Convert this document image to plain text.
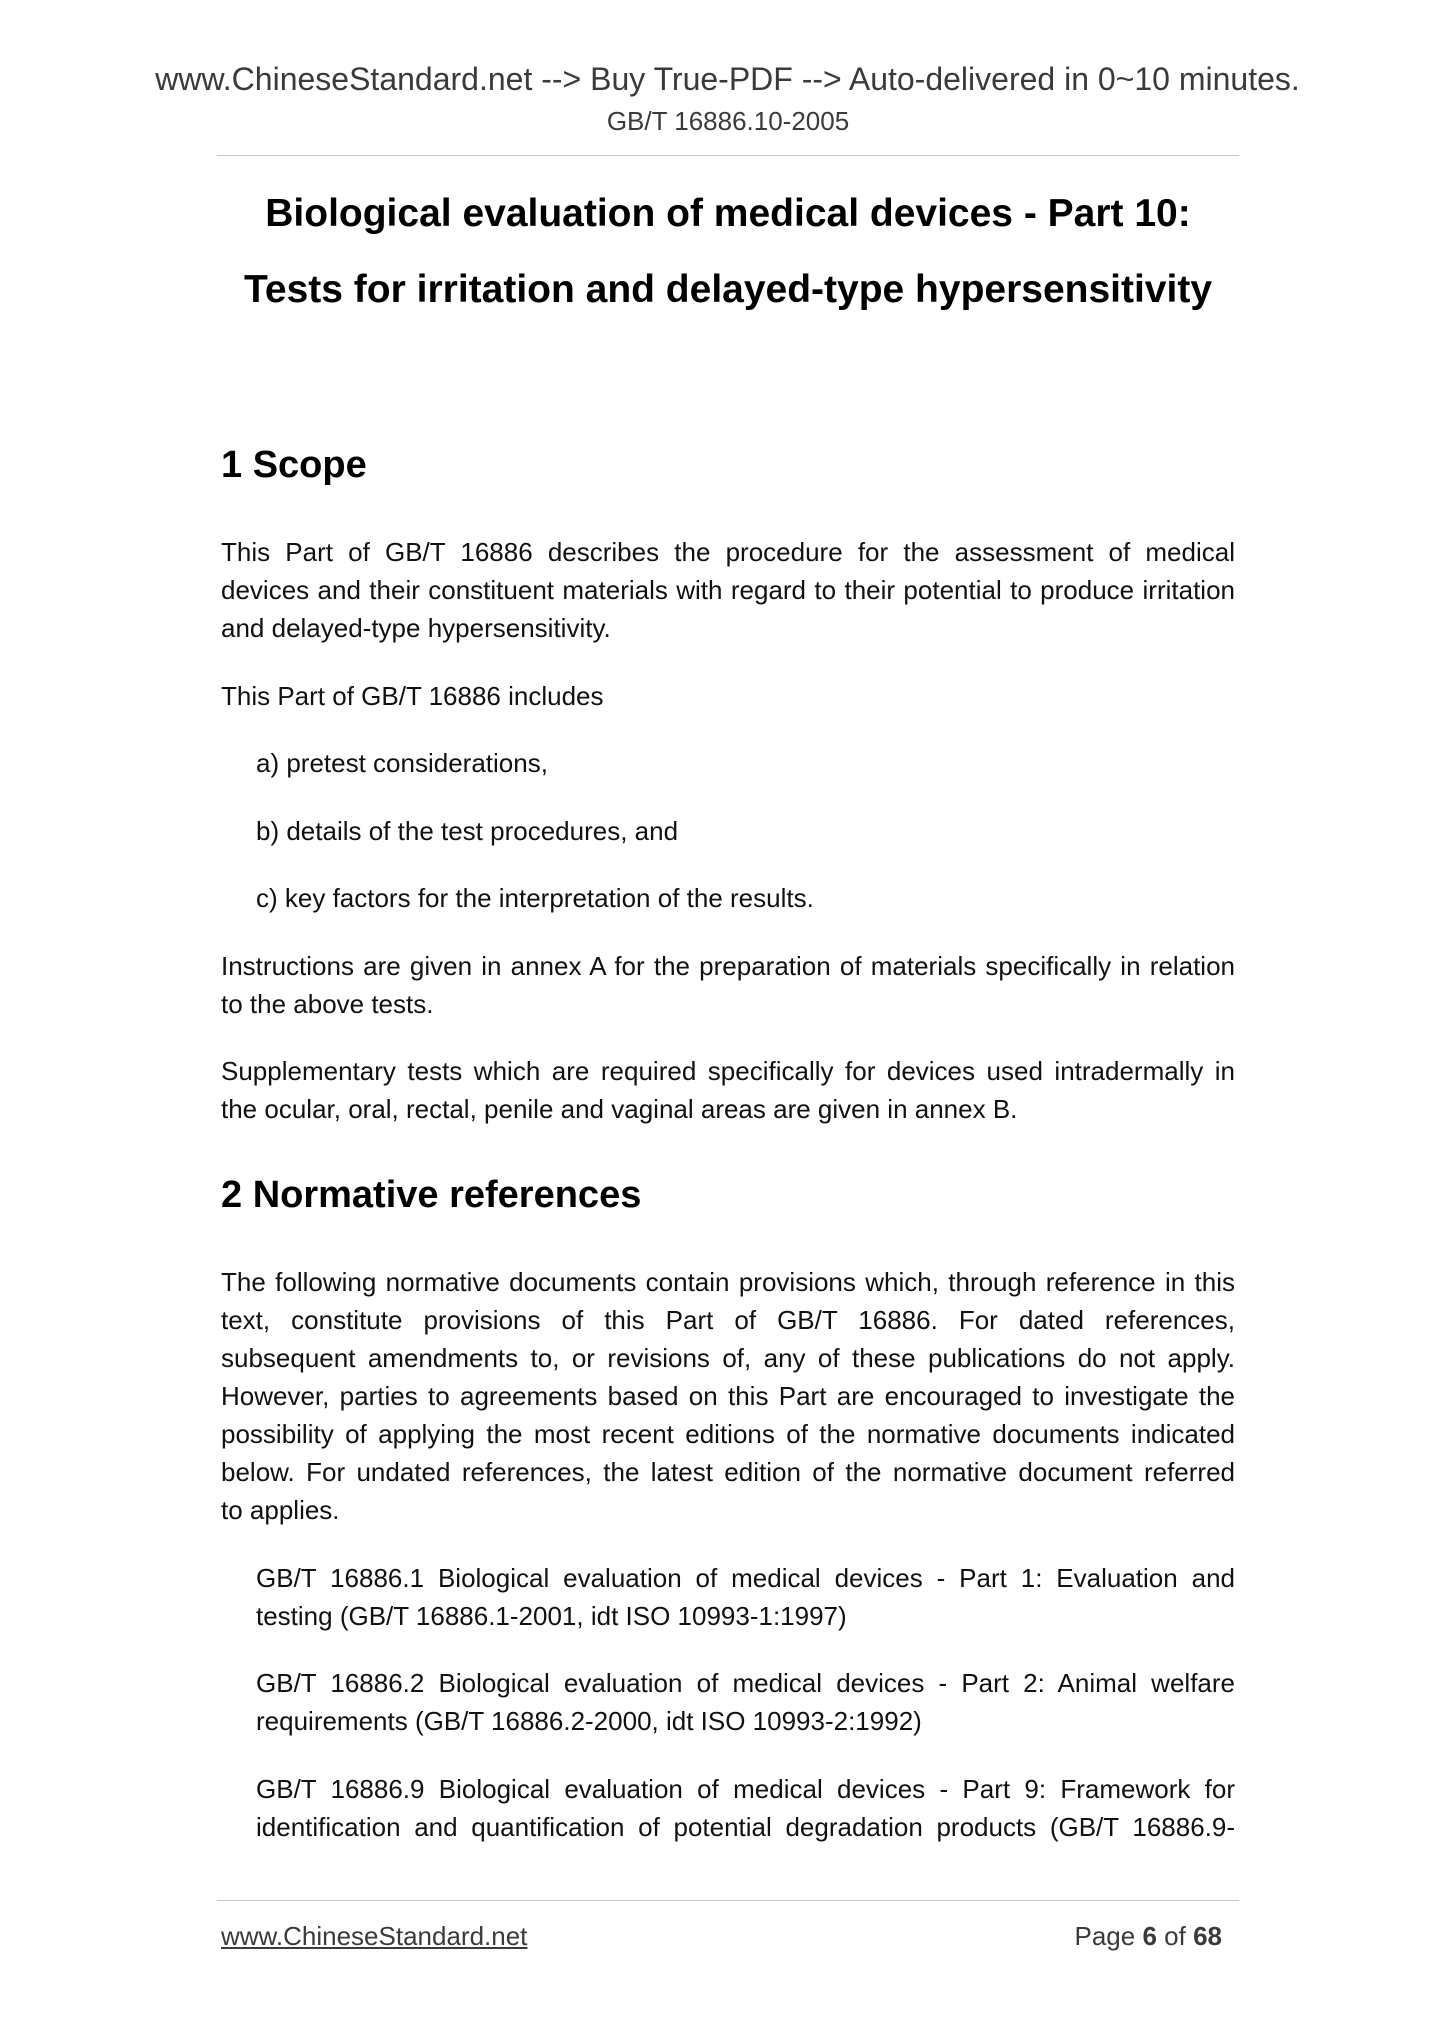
www.ChineseStandard.net --> Buy True-PDF --> Auto-delivered in 0~10 minutes.
GB/T 16886.10-2005
Biological evaluation of medical devices - Part 10:
Tests for irritation and delayed-type hypersensitivity
1 Scope
This Part of GB/T 16886 describes the procedure for the assessment of medical
devices and their constituent materials with regard to their potential to produce irritation
and delayed-type hypersensitivity.
This Part of GB/T 16886 includes
a) pretest considerations,
b) details of the test procedures, and
c) key factors for the interpretation of the results.
Instructions are given in annex A for the preparation of materials specifically in relation
to the above tests.
Supplementary tests which are required specifically for devices used intradermally in
the ocular, oral, rectal, penile and vaginal areas are given in annex B.
2 Normative references
The following normative documents contain provisions which, through reference in this
text, constitute provisions of this Part of GB/T 16886. For dated references,
subsequent amendments to, or revisions of, any of these publications do not apply.
However, parties to agreements based on this Part are encouraged to investigate the
possibility of applying the most recent editions of the normative documents indicated
below. For undated references, the latest edition of the normative document referred
to applies.
GB/T 16886.1 Biological evaluation of medical devices - Part 1: Evaluation and
testing (GB/T 16886.1-2001, idt ISO 10993-1:1997)
GB/T 16886.2 Biological evaluation of medical devices - Part 2: Animal welfare
requirements (GB/T 16886.2-2000, idt ISO 10993-2:1992)
GB/T 16886.9 Biological evaluation of medical devices - Part 9: Framework for
identification and quantification of potential degradation products (GB/T 16886.9-
www.ChineseStandard.net	Page 6 of 68
